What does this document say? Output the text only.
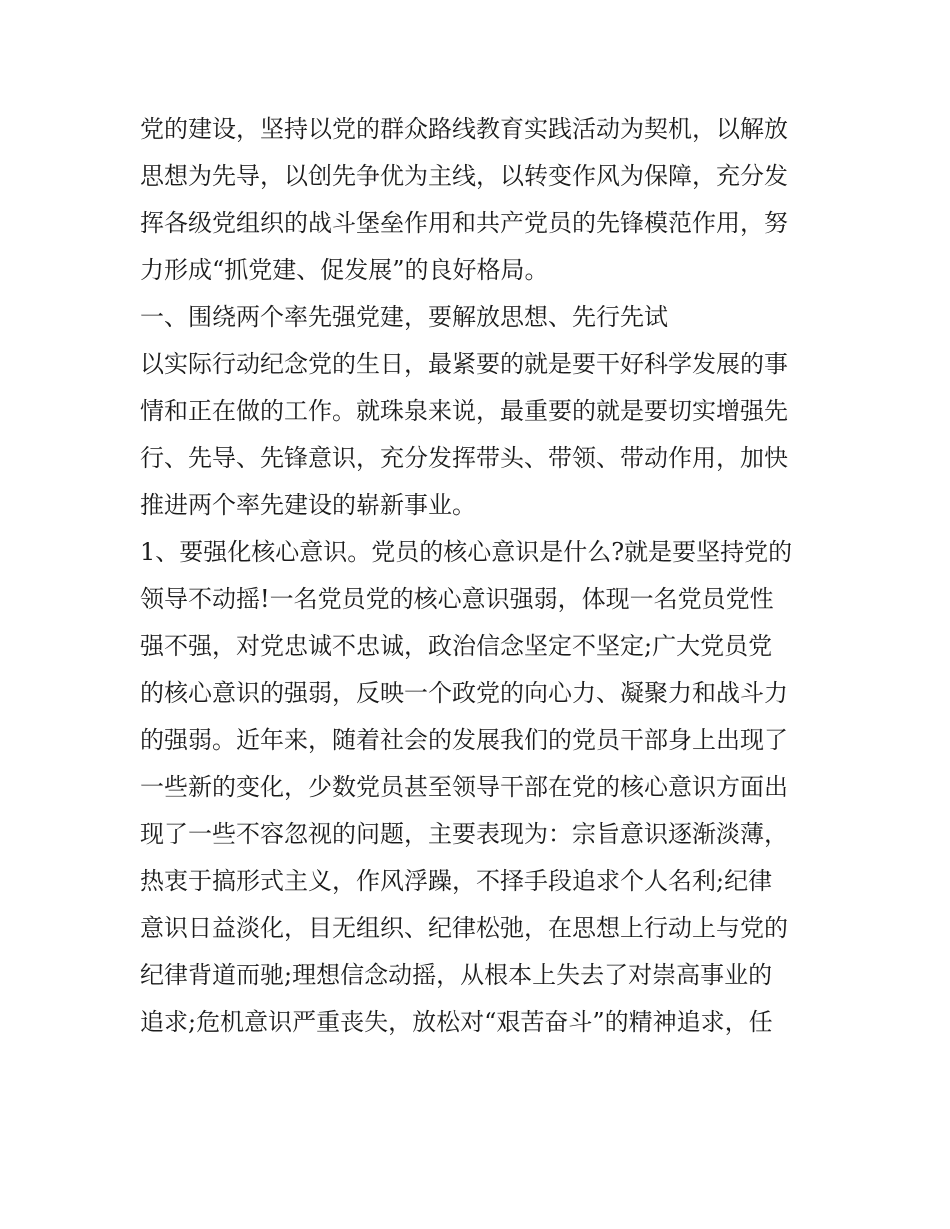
党的建设，坚持以党的群众路线教育实践活动为契机，以解放
思想为先导，以创先争优为主线，以转变作风为保障，充分发
挥各级党组织的战斗堡垒作用和共产党员的先锋模范作用，努
力形成“抓党建、促发展”的良好格局。
一、围绕两个率先强党建，要解放思想、先行先试
以实际行动纪念党的生日，最紧要的就是要干好科学发展的事
情和正在做的工作。就珠泉来说，最重要的就是要切实增强先
行、先导、先锋意识，充分发挥带头、带领、带动作用，加快
推进两个率先建设的崭新事业。
1、要强化核心意识。党员的核心意识是什么?就是要坚持党的
领导不动摇!一名党员党的核心意识强弱，体现一名党员党性
强不强，对党忠诚不忠诚，政治信念坚定不坚定;广大党员党
的核心意识的强弱，反映一个政党的向心力、凝聚力和战斗力
的强弱。近年来，随着社会的发展我们的党员干部身上出现了
一些新的变化，少数党员甚至领导干部在党的核心意识方面出
现了一些不容忽视的问题，主要表现为：宗旨意识逐渐淡薄，
热衷于搞形式主义，作风浮躁，不择手段追求个人名利;纪律
意识日益淡化，目无组织、纪律松弛，在思想上行动上与党的
纪律背道而驰;理想信念动摇，从根本上失去了对崇高事业的
追求;危机意识严重丧失，放松对“艰苦奋斗”的精神追求，任
